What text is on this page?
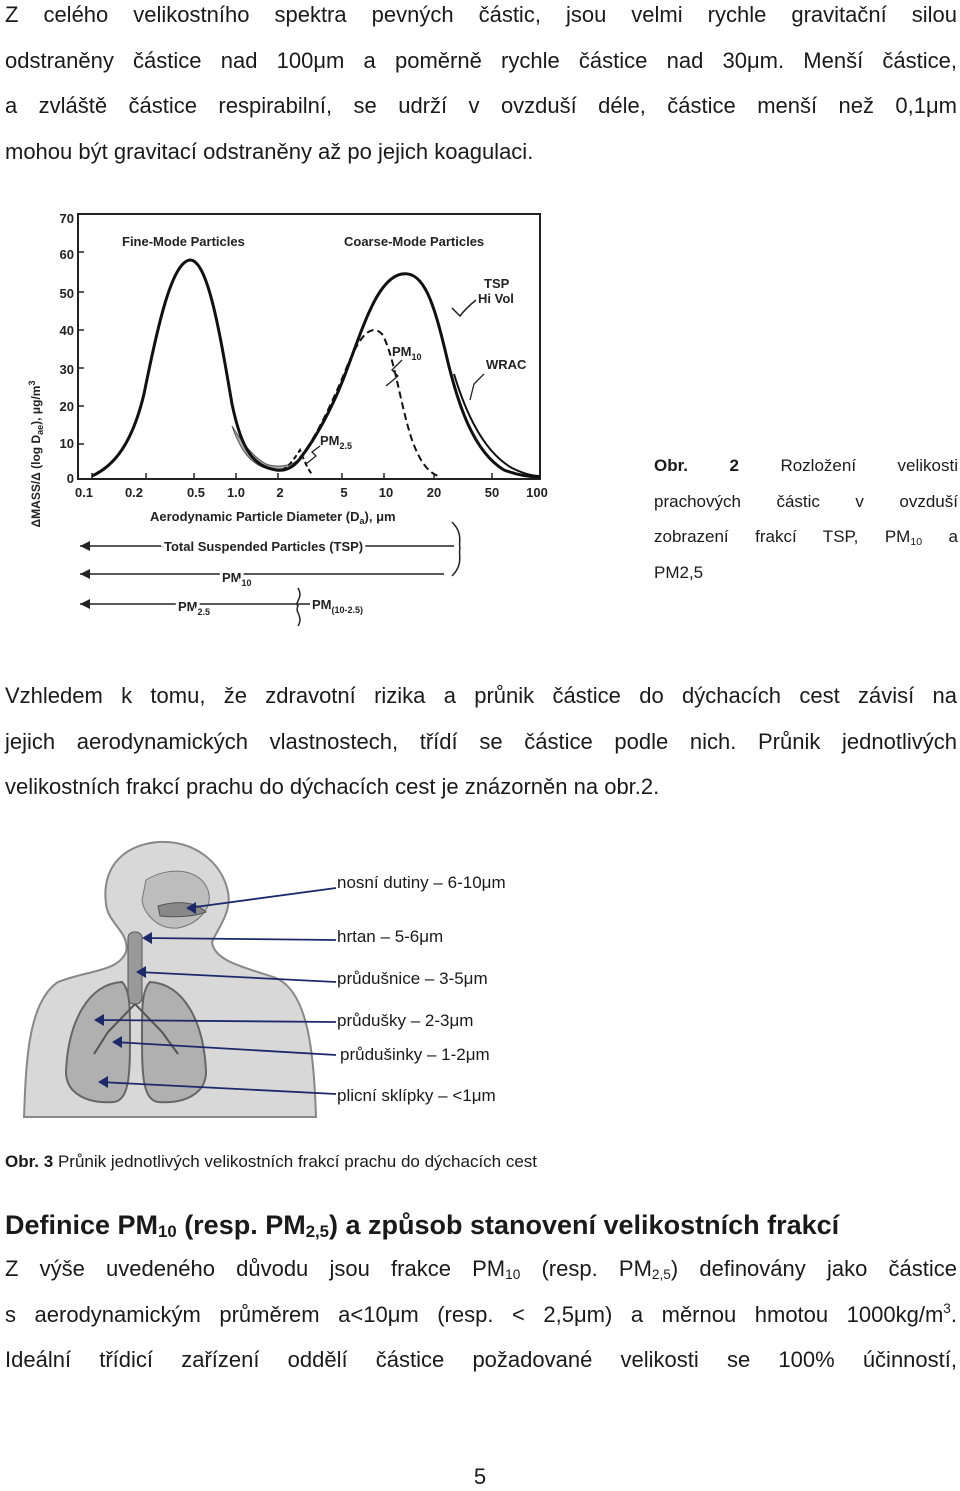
Z celého velikostního spektra pevných částic, jsou velmi rychle gravitační silou
odstraněny částice nad 100μm a poměrně rychle částice nad 30μm. Menší částice,
a zvláště částice respirabilní, se udrží v ovzduší déle, částice menší než 0,1μm
mohou být gravitací odstraněny až po jejich koagulaci.
ΔMASS/Δ (log $D_{ae}$), $\mu g/m^3$
70
60
50
40
30
20
10
0
0.1 0.2	0.5 1.0 2	5 10	20	50 100
Aerodynamic Particle Diameter $(D_a)$, μm
Fine-Mode Particles	Coarse-Mode Particles
TSP
Hi Vol
$PM_{10}$	WRAC
$PM_{2.5}$
Total Suspended Particles (TSP)
$PM_{10}$
$PM_{2.5}$	$PM_{(10-2.5)}$
Obr. 2 Rozložení velikosti
prachových částic v ovzduší
zobrazení frakcí TSP, $PM_{10}$ a
PM2,5
Vzhledem k tomu, že zdravotní rizika a průnik částice do dýchacích cest závisí na
jejich aerodynamických vlastnostech, třídí se částice podle nich. Průnik jednotlivých
velikostních frakcí prachu do dýchacích cest je znázorněn na obr.2.
nosní dutiny – 6-10μm
hrtan – 5-6μm
průdušnice – 3-5μm
průdušky – 2-3μm
průdušinky – 1-2μm
plicní sklípky – <1μm
Obr. 3 Průnik jednotlivých velikostních frakcí prachu do dýchacích cest
Definice $PM_{10}$ (resp. $PM_{2,5}$) a způsob stanovení velikostních frakcí
Z výše uvedeného důvodu jsou frakce $PM_{10}$ (resp. $PM_{2,5}$) definovány jako částice
s aerodynamickým průměrem a<10μm (resp. < 2,5μm) a měrnou hmotou $1000kg/m^3$.
Ideální třídicí zařízení oddělí částice požadované velikosti se 100% účinností,
5
